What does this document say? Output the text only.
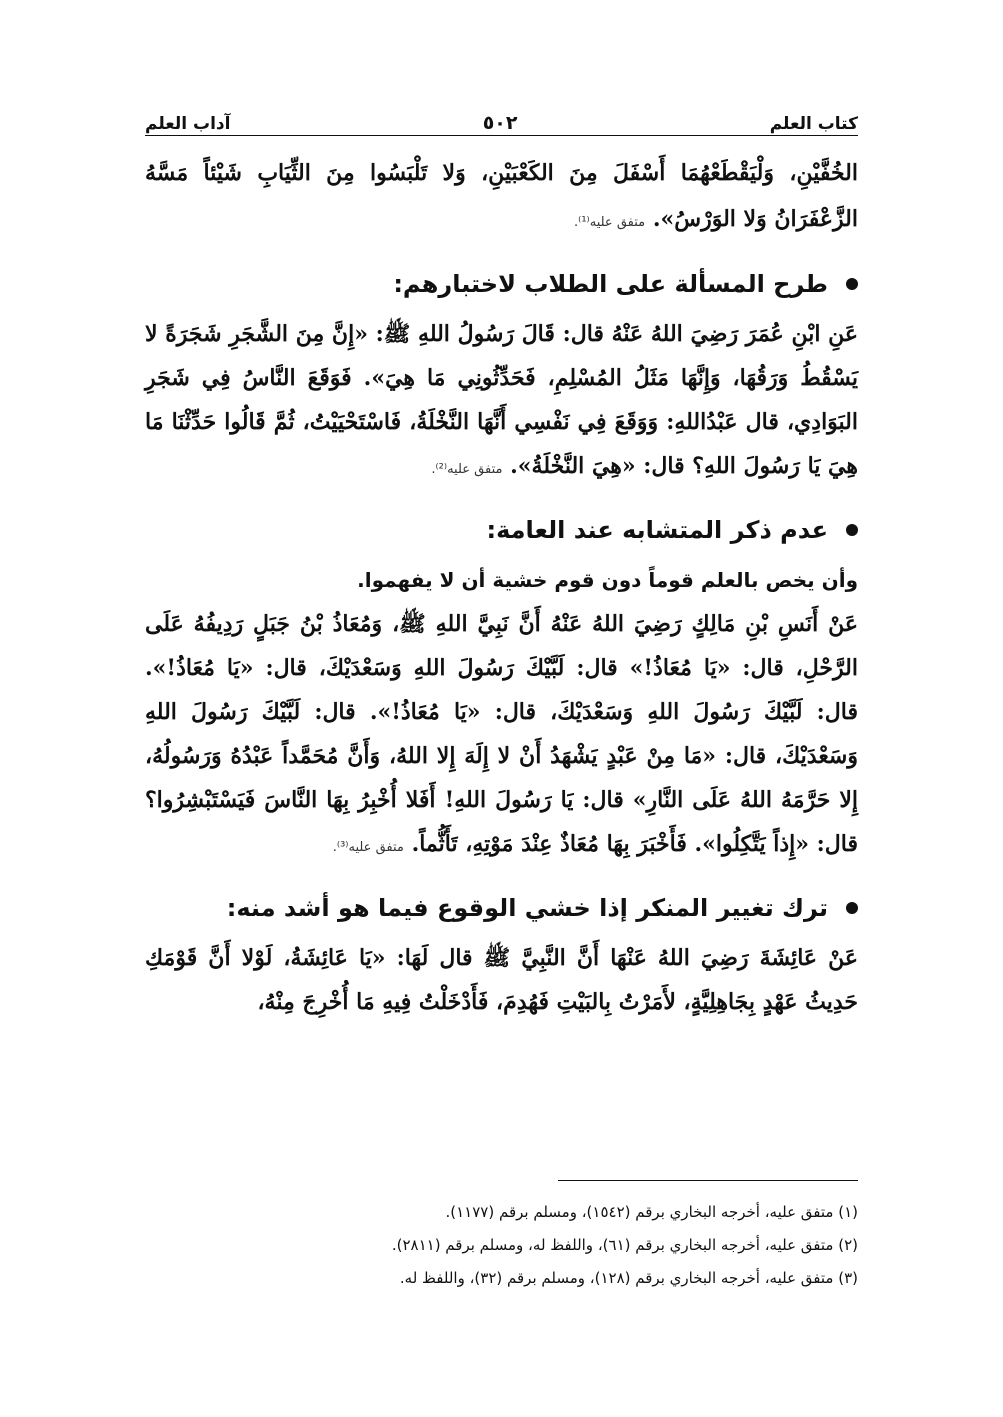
كتاب العلم
٥٠٢
آداب العلم

الخُفَّيْنِ، وَلْيَقْطَعْهُمَا أَسْفَلَ مِنَ الكَعْبَيْنِ، وَلا تَلْبَسُوا مِنَ الثِّيَابِ شَيْئاً مَسَّهُ الزَّعْفَرَانُ وَلا الوَرْسُ». متفق عليه⁽¹⁾.

طرح المسألة على الطلاب لاختبارهم:

عَنِ ابْنِ عُمَرَ رَضِيَ اللهُ عَنْهُ قال: قَالَ رَسُولُ اللهِ ﷺ: «إِنَّ مِنَ الشَّجَرِ شَجَرَةً لا يَسْقُطُ وَرَقُهَا، وَإِنَّهَا مَثَلُ المُسْلِمِ، فَحَدِّثُونِي مَا هِيَ». فَوَقَعَ النَّاسُ فِي شَجَرِ البَوَادِي، قال عَبْدُاللهِ: وَوَقَعَ فِي نَفْسِي أَنَّهَا النَّخْلَةُ، فَاسْتَحْيَيْتُ، ثُمَّ قَالُوا حَدِّثْنَا مَا هِيَ يَا رَسُولَ اللهِ؟ قال: «هِيَ النَّخْلَةُ». متفق عليه⁽²⁾.

عدم ذكر المتشابه عند العامة:

وأن يخص بالعلم قوماً دون قوم خشية أن لا يفهموا.

عَنْ أَنَسِ بْنِ مَالِكٍ رَضِيَ اللهُ عَنْهُ أَنَّ نَبِيَّ اللهِ ﷺ، وَمُعَاذُ بْنُ جَبَلٍ رَدِيفُهُ عَلَى الرَّحْلِ، قال: «يَا مُعَاذُ!» قال: لَبَّيْكَ رَسُولَ اللهِ وَسَعْدَيْكَ، قال: «يَا مُعَاذُ!». قال: لَبَّيْكَ رَسُولَ اللهِ وَسَعْدَيْكَ، قال: «يَا مُعَاذُ!». قال: لَبَّيْكَ رَسُولَ اللهِ وَسَعْدَيْكَ، قال: «مَا مِنْ عَبْدٍ يَشْهَدُ أَنْ لا إِلَهَ إِلا اللهُ، وَأَنَّ مُحَمَّداً عَبْدُهُ وَرَسُولُهُ، إِلا حَرَّمَهُ اللهُ عَلَى النَّارِ» قال: يَا رَسُولَ اللهِ! أَفَلا أُخْبِرُ بِهَا النَّاسَ فَيَسْتَبْشِرُوا؟ قال: «إِذاً يَتَّكِلُوا». فَأَخْبَرَ بِهَا مُعَاذٌ عِنْدَ مَوْتِهِ، تَأَثُّماً. متفق عليه⁽³⁾.

ترك تغيير المنكر إذا خشي الوقوع فيما هو أشد منه:

عَنْ عَائِشَةَ رَضِيَ اللهُ عَنْهَا أَنَّ النَّبِيَّ ﷺ قال لَهَا: «يَا عَائِشَةُ، لَوْلا أَنَّ قَوْمَكِ حَدِيثُ عَهْدٍ بِجَاهِلِيَّةٍ، لأَمَرْتُ بِالبَيْتِ فَهُدِمَ، فَأَدْخَلْتُ فِيهِ مَا أُخْرِجَ مِنْهُ،

(١) متفق عليه، أخرجه البخاري برقم (١٥٤٢)، ومسلم برقم (١١٧٧).
(٢) متفق عليه، أخرجه البخاري برقم (٦١)، واللفظ له، ومسلم برقم (٢٨١١).
(٣) متفق عليه، أخرجه البخاري برقم (١٢٨)، ومسلم برقم (٣٢)، واللفظ له.
